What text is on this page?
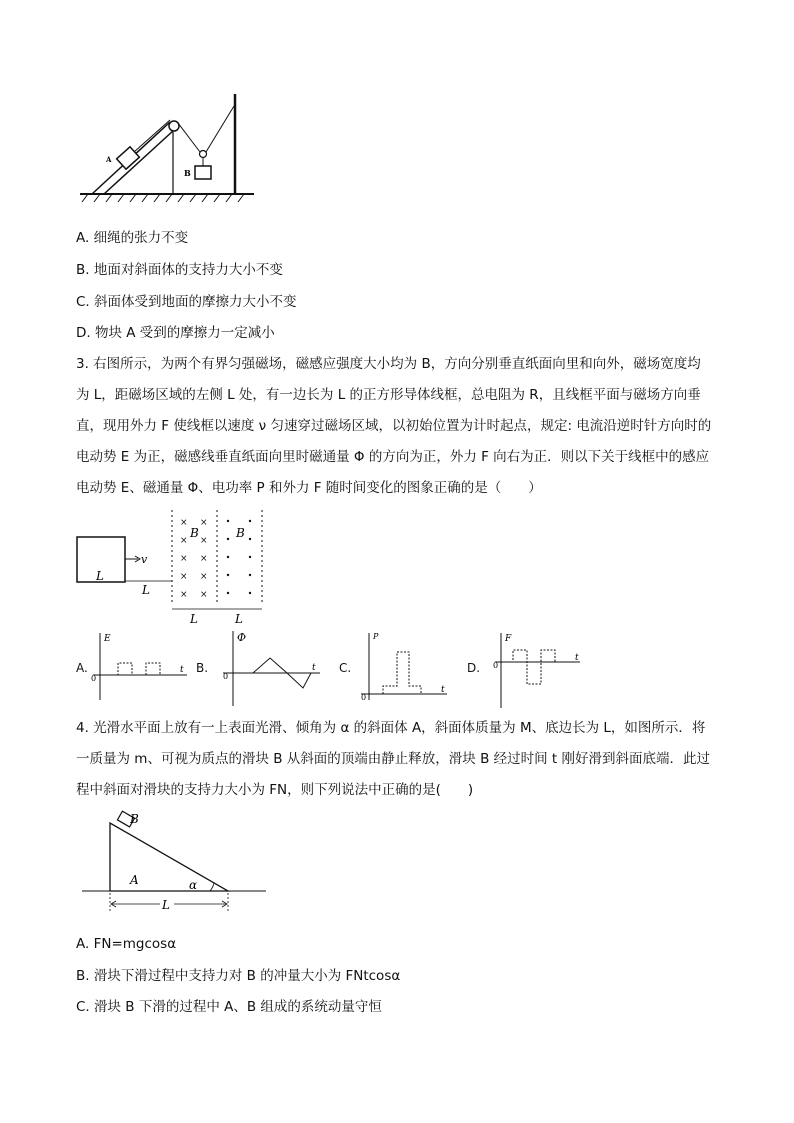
A
B
A. 细绳的张力不变
B. 地面对斜面体的支持力大小不变
C. 斜面体受到地面的摩擦力大小不变
D. 物块 A 受到的摩擦力一定减小
3. 右图所示，为两个有界匀强磁场，磁感应强度大小均为 B，方向分别垂直纸面向里和向外，磁场宽度均
为 L，距磁场区域的左侧 L 处，有一边长为 L 的正方形导体线框，总电阻为 R，且线框平面与磁场方向垂
直，现用外力 F 使线框以速度 ν 匀速穿过磁场区域，以初始位置为计时起点，规定: 电流沿逆时针方向时的
电动势 E 为正，磁感线垂直纸面向里时磁通量 Φ 的方向为正，外力 F 向右为正．则以下关于线框中的感应
电动势 E、磁通量 Φ、电功率 P 和外力 F 随时间变化的图象正确的是（　　）
v
L
L
× ×
× ×
× ×
× ×
× ×
B	B
L	L
A.
E
t
0
B.
Φ
t
0
C.
P
t
0
D.
F
t
0
4. 光滑水平面上放有一上表面光滑、倾角为 α 的斜面体 A，斜面体质量为 M、底边长为 L，如图所示．将
一质量为 m、可视为质点的滑块 B 从斜面的顶端由静止释放，滑块 B 经过时间 t 刚好滑到斜面底端．此过
程中斜面对滑块的支持力大小为 FN，则下列说法中正确的是(　　)
B
A	α
L
A. FN=mgcosα
B. 滑块下滑过程中支持力对 B 的冲量大小为 FNtcosα
C. 滑块 B 下滑的过程中 A、B 组成的系统动量守恒
